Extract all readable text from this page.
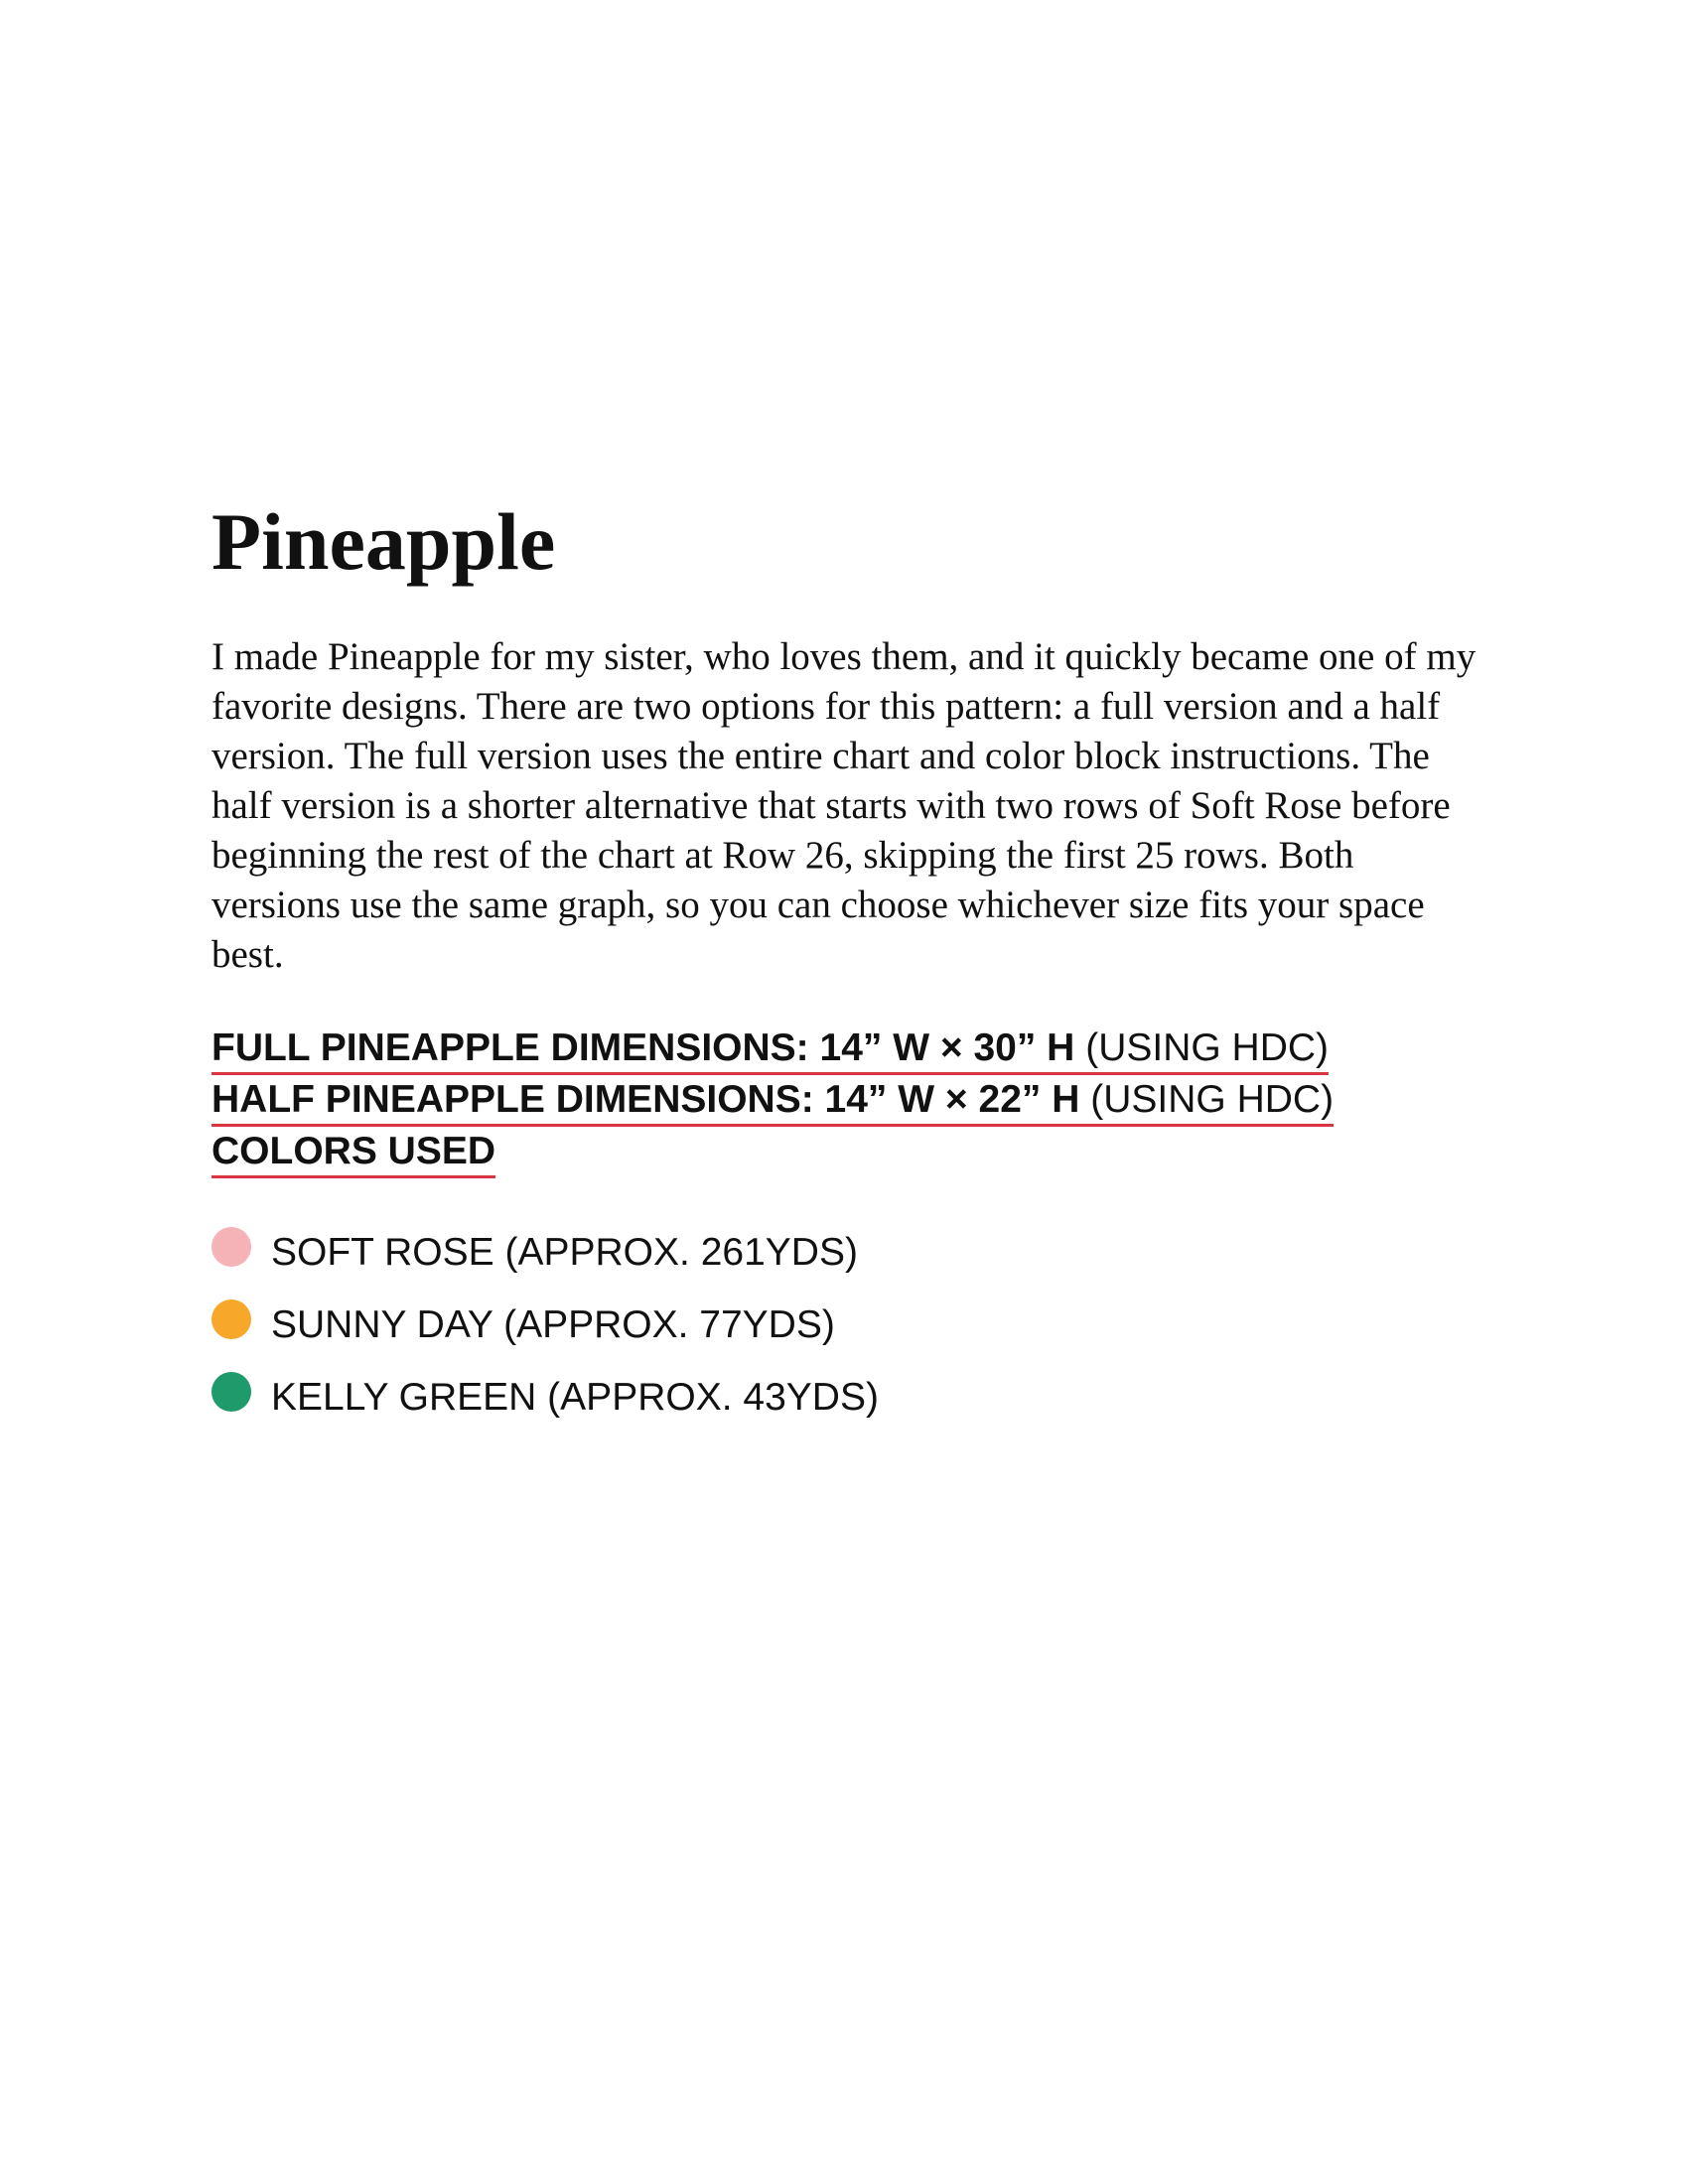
Pineapple

I made Pineapple for my sister, who loves them, and it quickly became one of my favorite designs. There are two options for this pattern: a full version and a half version. The full version uses the entire chart and color block instructions. The half version is a shorter alternative that starts with two rows of Soft Rose before beginning the rest of the chart at Row 26, skipping the first 25 rows. Both versions use the same graph, so you can choose whichever size fits your space best.

FULL PINEAPPLE DIMENSIONS: 14” W × 30” H (USING HDC)
HALF PINEAPPLE DIMENSIONS: 14” W × 22” H (USING HDC)
COLORS USED
SOFT ROSE (APPROX. 261YDS)
SUNNY DAY (APPROX. 77YDS)
KELLY GREEN (APPROX. 43YDS)
